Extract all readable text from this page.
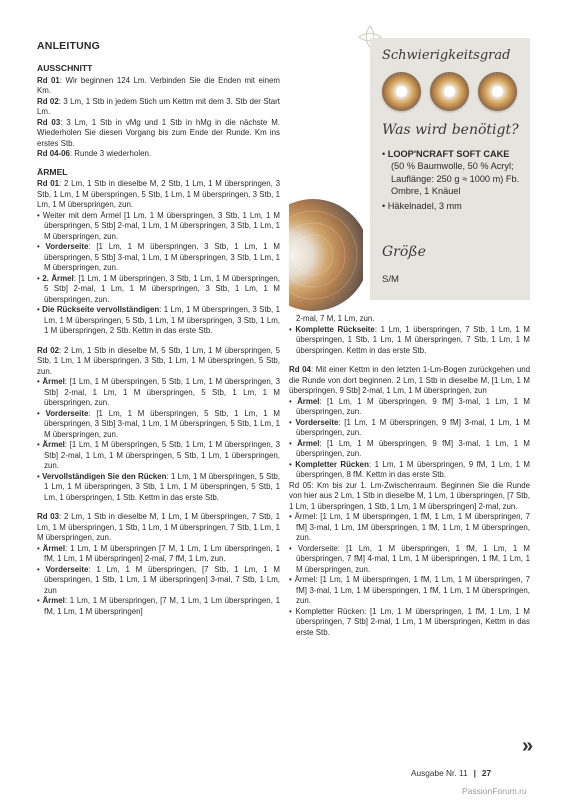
ANLEITUNG
AUSSCHNITT

Rd 01: Wir beginnen 124 Lm. Verbinden Sie die Enden mit einem Km.

Rd 02: 3 Lm, 1 Stb in jedem Stich um Kettm mit dem 3. Stb der Start Lm.

Rd 03: 3 Lm, 1 Stb in vMg und 1 Stb in hMg in die nächste M. Wiederholen Sie diesen Vorgang bis zum Ende der Runde. Km ins erstes Stb.

Rd 04-06: Runde 3 wiederholen.

ÄRMEL

Rd 01: 2 Lm, 1 Stb in dieselbe M, 2 Stb, 1 Lm, 1 M überspringen, 3 Stb, 1 Lm, 1 M überspringen, 5 Stb, 1 Lm, 1 M überspringen, 3 Stb, 1 Lm, 1 M überspringen, zun.

• Weiter mit dem Ärmel [1 Lm, 1 M überspringen, 3 Stb, 1 Lm, 1 M überspringen, 5 Stb] 2-mal, 1 Lm, 1 M überspringen, 3 Stb, 1 Lm, 1 M überspringen, zun.

• Vorderseite: [1 Lm, 1 M überspringen, 3 Stb, 1 Lm, 1 M überspringen, 5 Stb] 3-mal, 1 Lm, 1 M überspringen, 3 Stb, 1 Lm, 1 M überspringen, zun.

• 2. Ärmel: [1 Lm, 1 M überspringen, 3 Stb, 1 Lm, 1 M überspringen, 5 Stb] 2-mal, 1 Lm, 1 M überspringen, 3 Stb, 1 Lm, 1 M überspringen, zun.

• Die Rückseite vervollständigen: 1 Lm, 1 M überspringen, 3 Stb, 1 Lm, 1 M überspringen, 5 Stb, 1 Lm, 1 M überspringen, 3 Stb, 1 Lm, 1 M überspringen, 2 Stb. Kettm in das erste Stb.

Rd 02: 2 Lm, 1 Stb in dieselbe M, 5 Stb, 1 Lm, 1 M überspringen, 5 Stb, 1 Lm, 1 M überspringen, 3 Stb, 1 Lm, 1 M überspringen, 5 Stb, zun.

• Ärmel: [1 Lm, 1 M überspringen, 5 Stb, 1 Lm, 1 M überspringen, 3 Stb] 2-mal, 1 Lm, 1 M überspringen, 5 Stb, 1 Lm, 1 M überspringen, zun.

• Vorderseite: [1 Lm, 1 M überspringen, 5 Stb, 1 Lm, 1 M überspringen, 3 Stb] 3-mal, 1 Lm, 1 M überspringen, 5 Stb, 1 Lm, 1 M überspringen, zun.

• Ärmel: [1 Lm, 1 M überspringen, 5 Stb, 1 Lm, 1 M überspringen, 3 Stb] 2-mal, 1 Lm, 1 M überspringen, 5 Stb, 1 Lm, 1 überspringen, zun.

• Vervollständigen Sie den Rücken: 1 Lm, 1 M überspringen, 5 Stb, 1 Lm, 1 M überspringen, 3 Stb, 1 Lm, 1 M überspringen, 5 Stb, 1 Lm, 1 überspringen, 1 Stb. Kettm in das erste Stb.

Rd 03: 2 Lm, 1 Stb in dieselbe M, 1 Lm, 1 M überspringen, 7 Stb, 1 Lm, 1 M überspringen, 1 Stb, 1 Lm, 1 M überspringen, 7 Stb, 1 Lm, 1 M überspringen, zun.

• Ärmel: 1 Lm, 1 M überspringen [7 M, 1 Lm, 1 Lm überspringen, 1 fM, 1 Lm, 1 M überspringen] 2-mal, 7 fM, 1 Lm, zun.

• Vorderseite: 1 Lm, 1 M überspringen, [7 Stb, 1 Lm, 1 M überspringen, 1 Stb, 1 Lm, 1 M überspringen] 3-mal, 7 Stb, 1 Lm, zun

• Ärmel: 1 Lm, 1 M überspringen, [7 M, 1 Lm, 1 Lm überspringen, 1 fM, 1 Lm, 1 M überspringen]

Schwierigkeitsgrad
Was wird benötigt?

• LOOP'NCRAFT SOFT CAKE
(50 % Baumwolle, 50 % Acryl; Lauflänge: 250 g ≈ 1000 m) Fb. Ombre, 1 Knäuel

• Häkelnadel, 3 mm

Größe
S/M

2-mal, 7 M, 1 Lm, zun.

• Komplette Rückseite: 1 Lm, 1 überspringen, 7 Stb, 1 Lm, 1 M überspringen, 1 Stb, 1 Lm, 1 M überspringen, 7 Stb, 1 Lm, 1 M überspringen. Kettm in das erste Stb.

Rd 04: Mit einer Kettm in den letzten 1-Lm-Bogen zurückgehen und die Runde von dort beginnen. 2 Lm, 1 Stb in dieselbe M, [1 Lm, 1 M überspringen, 9 Stb] 2-mal, 1 Lm, 1 M überspringen, zun

• Ärmel: [1 Lm, 1 M überspringen, 9 fM] 3-mal, 1 Lm, 1 M überspringen, zun.

• Vorderseite: [1 Lm, 1 M überspringen, 9 fM] 3-mal, 1 Lm, 1 M überspringen, zun.

• Ärmel: [1 Lm, 1 M überspringen, 9 fM] 3-mal, 1 Lm, 1 M überspringen, zun.

• Kompletter Rücken: 1 Lm, 1 M überspringen, 9 fM, 1 Lm, 1 M überspringen, 8 fM. Kettm in das erste Stb.

Rd 05: Km bis zur 1. Lm-Zwischenraum. Beginnen Sie die Runde von hier aus 2 Lm, 1 Stb in dieselbe M, 1 Lm, 1 überspringen, [7 Stb, 1 Lm, 1 überspringen, 1 Stb, 1 Lm, 1 M überspringen] 2-mal, zun.

• Ärmel: [1 Lm, 1 M überspringen, 1 fM, 1 Lm, 1 M überspringen, 7 fM] 3-mal, 1 Lm, 1M überspringen, 1 fM, 1 Lm, 1 M überspringen, zun.

• Vorderseite: [1 Lm, 1 M überspringen, 1 fM, 1 Lm, 1 M überspringen, 7 fM] 4-mal, 1 Lm, 1 M überspringen, 1 fM, 1 Lm, 1 M überspringen, zun.

• Ärmel: [1 Lm, 1 M überspringen, 1 fM, 1 Lm, 1 M überspringen, 7 fM] 3-mal, 1 Lm, 1 M überspringen, 1 fM, 1 Lm, 1 M überspringen, zun.

• Kompletter Rücken: [1 Lm, 1 M überspringen, 1 fM, 1 Lm, 1 M überspringen, 7 Stb] 2-mal, 1 Lm, 1 M überspringen, Kettm in das erste Stb.

»
Ausgabe Nr. 11 | 27
PassionForum.ru
